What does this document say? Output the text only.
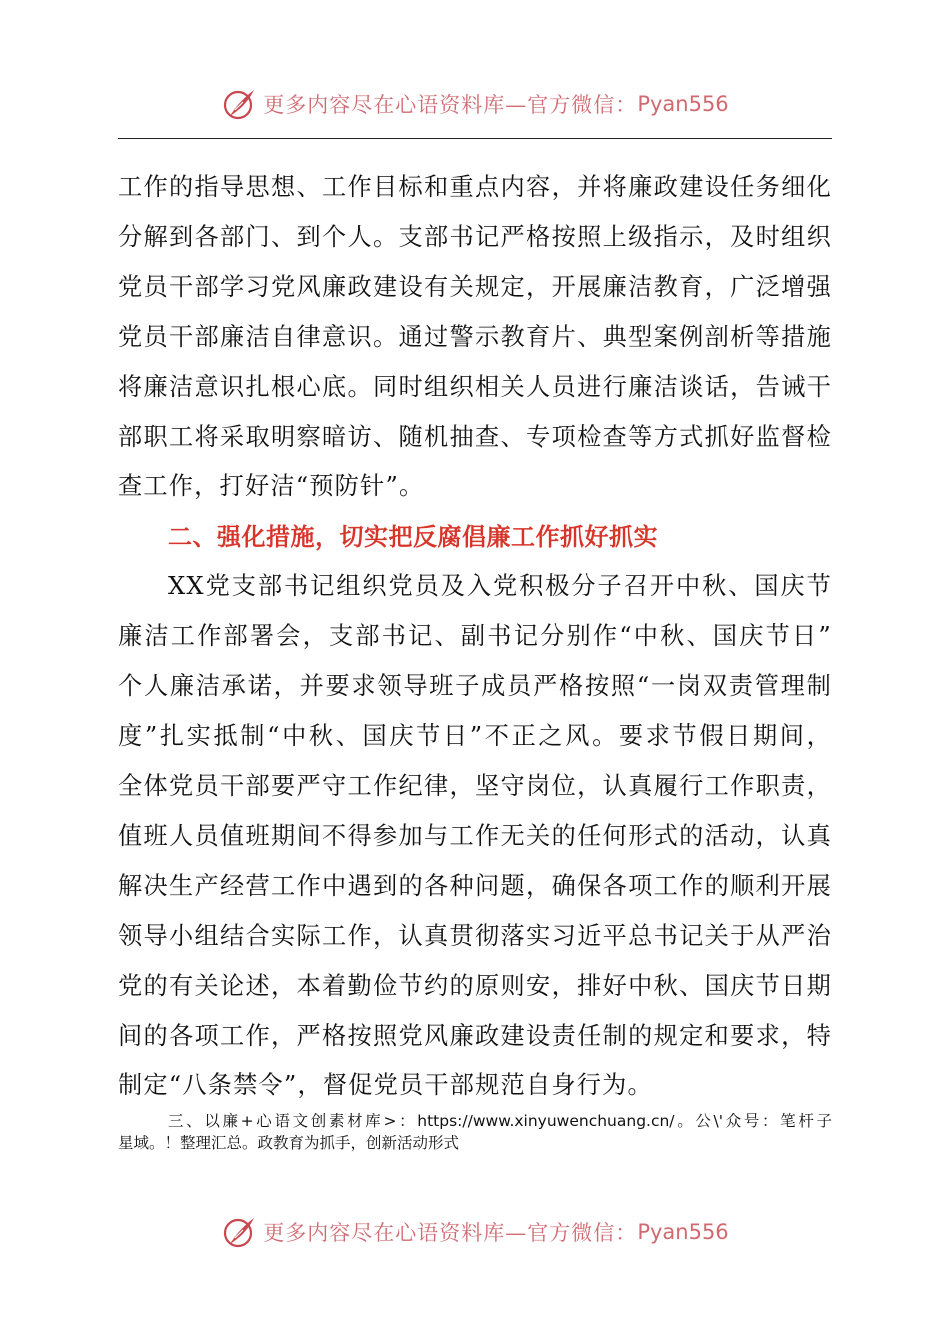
更多内容尽在心语资料库—官方微信： Pyan556

工作的指导思想、工作目标和重点内容，并将廉政建设任务细化

分解到各部门、到个人。支部书记严格按照上级指示，及时组织

党员干部学习党风廉政建设有关规定，开展廉洁教育，广泛增强

党员干部廉洁自律意识。通过警示教育片、典型案例剖析等措施

将廉洁意识扎根心底。同时组织相关人员进行廉洁谈话，告诫干

部职工将采取明察暗访、随机抽查、专项检查等方式抓好监督检

查工作，打好洁“预防针”。

二、强化措施，切实把反腐倡廉工作抓好抓实

XX党支部书记组织党员及入党积极分子召开中秋、国庆节

廉洁工作部署会，支部书记、副书记分别作“中秋、国庆节日”

个人廉洁承诺，并要求领导班子成员严格按照“一岗双责管理制

度”扎实抵制“中秋、国庆节日”不正之风。要求节假日期间，

全体党员干部要严守工作纪律，坚守岗位，认真履行工作职责，

值班人员值班期间不得参加与工作无关的任何形式的活动，认真

解决生产经营工作中遇到的各种问题，确保各项工作的顺利开展

领导小组结合实际工作，认真贯彻落实习近平总书记关于从严治

党的有关论述，本着勤俭节约的原则安，排好中秋、国庆节日期

间的各项工作，严格按照党风廉政建设责任制的规定和要求，特

制定“八条禁令”，督促党员干部规范自身行为。

三、以廉+心语文创素材库>：https://www.xinyuwenchuang.cn/。公\'众号：笔杆子
星域。！整理汇总。政教育为抓手，创新活动形式
更多内容尽在心语资料库—官方微信： Pyan556
